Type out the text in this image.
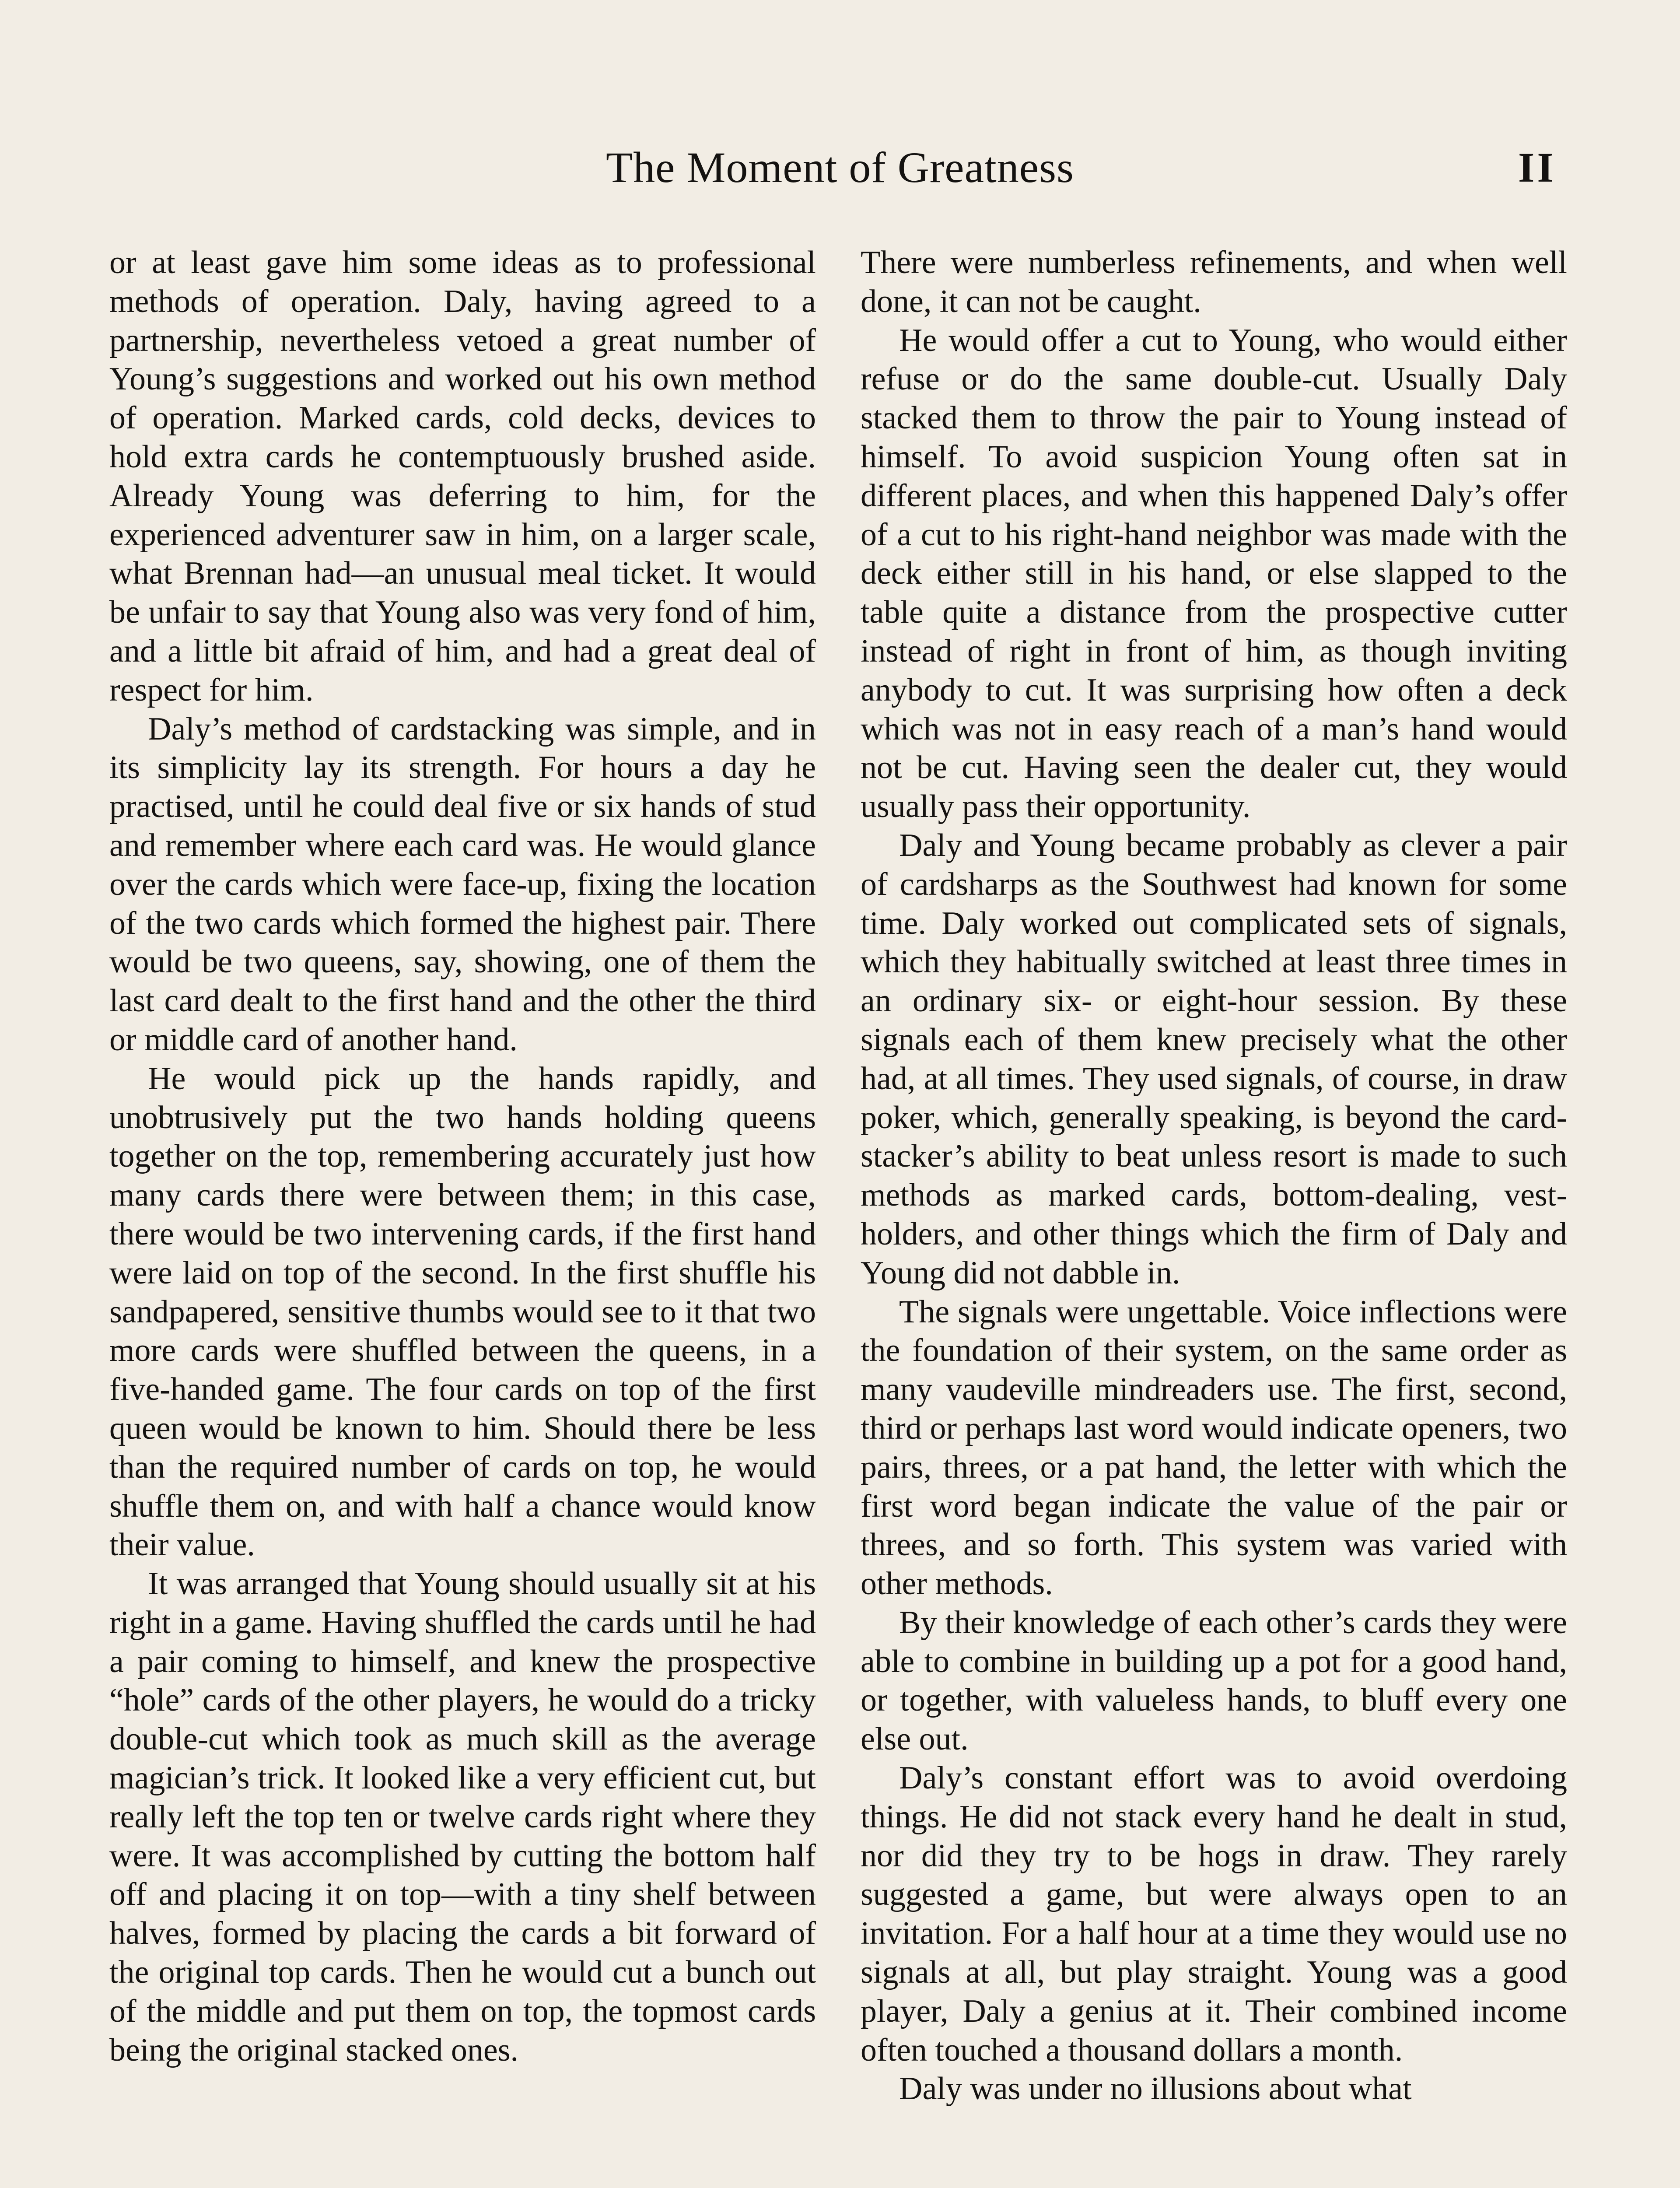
The Moment of Greatness	II

or at least gave him some ideas as to professional methods of operation. Daly, having agreed to a partnership, nevertheless vetoed a great number of Young’s suggestions and worked out his own method of operation. Marked cards, cold decks, devices to hold extra cards he contemptuously brushed aside. Already Young was deferring to him, for the experienced adventurer saw in him, on a larger scale, what Brennan had—an unusual meal ticket. It would be unfair to say that Young also was very fond of him, and a little bit afraid of him, and had a great deal of respect for him.

Daly’s method of cardstacking was simple, and in its simplicity lay its strength. For hours a day he practised, until he could deal five or six hands of stud and remember where each card was. He would glance over the cards which were face-up, fixing the location of the two cards which formed the highest pair. There would be two queens, say, showing, one of them the last card dealt to the first hand and the other the third or middle card of another hand.

He would pick up the hands rapidly, and unobtrusively put the two hands holding queens together on the top, remembering accurately just how many cards there were between them; in this case, there would be two intervening cards, if the first hand were laid on top of the second. In the first shuffle his sandpapered, sensitive thumbs would see to it that two more cards were shuffled between the queens, in a five-handed game. The four cards on top of the first queen would be known to him. Should there be less than the required number of cards on top, he would shuffle them on, and with half a chance would know their value.

It was arranged that Young should usually sit at his right in a game. Having shuffled the cards until he had a pair coming to himself, and knew the prospective “hole” cards of the other players, he would do a tricky double-cut which took as much skill as the average magician’s trick. It looked like a very efficient cut, but really left the top ten or twelve cards right where they were. It was accomplished by cutting the bottom half off and placing it on top—with a tiny shelf between halves, formed by placing the cards a bit forward of the original top cards. Then he would cut a bunch out of the middle and put them on top, the topmost cards being the original stacked ones.

There were numberless refinements, and when well done, it can not be caught.

He would offer a cut to Young, who would either refuse or do the same double-cut. Usually Daly stacked them to throw the pair to Young instead of himself. To avoid suspicion Young often sat in different places, and when this happened Daly’s offer of a cut to his right-hand neighbor was made with the deck either still in his hand, or else slapped to the table quite a distance from the prospective cutter instead of right in front of him, as though inviting anybody to cut. It was surprising how often a deck which was not in easy reach of a man’s hand would not be cut. Having seen the dealer cut, they would usually pass their opportunity.

Daly and Young became probably as clever a pair of cardsharps as the Southwest had known for some time. Daly worked out complicated sets of signals, which they habitually switched at least three times in an ordinary six- or eight-hour session. By these signals each of them knew precisely what the other had, at all times. They used signals, of course, in draw poker, which, generally speaking, is beyond the card-stacker’s ability to beat unless resort is made to such methods as marked cards, bottom-dealing, vest-holders, and other things which the firm of Daly and Young did not dabble in.

The signals were ungettable. Voice inflections were the foundation of their system, on the same order as many vaudeville mindreaders use. The first, second, third or perhaps last word would indicate openers, two pairs, threes, or a pat hand, the letter with which the first word began indicate the value of the pair or threes, and so forth. This system was varied with other methods.

By their knowledge of each other’s cards they were able to combine in building up a pot for a good hand, or together, with valueless hands, to bluff every one else out.

Daly’s constant effort was to avoid overdoing things. He did not stack every hand he dealt in stud, nor did they try to be hogs in draw. They rarely suggested a game, but were always open to an invitation. For a half hour at a time they would use no signals at all, but play straight. Young was a good player, Daly a genius at it. Their combined income often touched a thousand dollars a month.

Daly was under no illusions about what
